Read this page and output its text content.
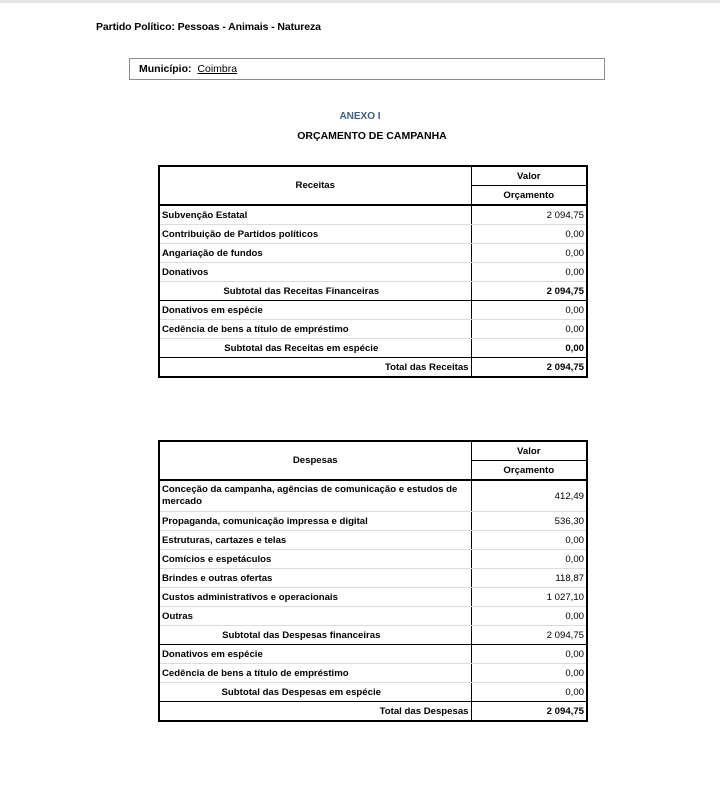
Partido Político: Pessoas - Animais - Natureza
Município: Coimbra
ANEXO I
ORÇAMENTO DE CAMPANHA
Receitas	Valor
	Orçamento
Subvenção Estatal	2 094,75
Contribuição de Partidos políticos	0,00
Angariação de fundos	0,00
Donativos	0,00
Subtotal das Receitas Financeiras	2 094,75
Donativos em espécie	0,00
Cedência de bens a título de empréstimo	0,00
Subtotal das Receitas em espécie	0,00
Total das Receitas	2 094,75
Despesas	Valor
	Orçamento
Conceção da campanha, agências de comunicação e estudos de mercado	412,49
Propaganda, comunicação impressa e digital	536,30
Estruturas, cartazes e telas	0,00
Comícios e espetáculos	0,00
Brindes e outras ofertas	118,87
Custos administrativos e operacionais	1 027,10
Outras	0,00
Subtotal das Despesas financeiras	2 094,75
Donativos em espécie	0,00
Cedência de bens a título de empréstimo	0,00
Subtotal das Despesas em espécie	0,00
Total das Despesas	2 094,75
